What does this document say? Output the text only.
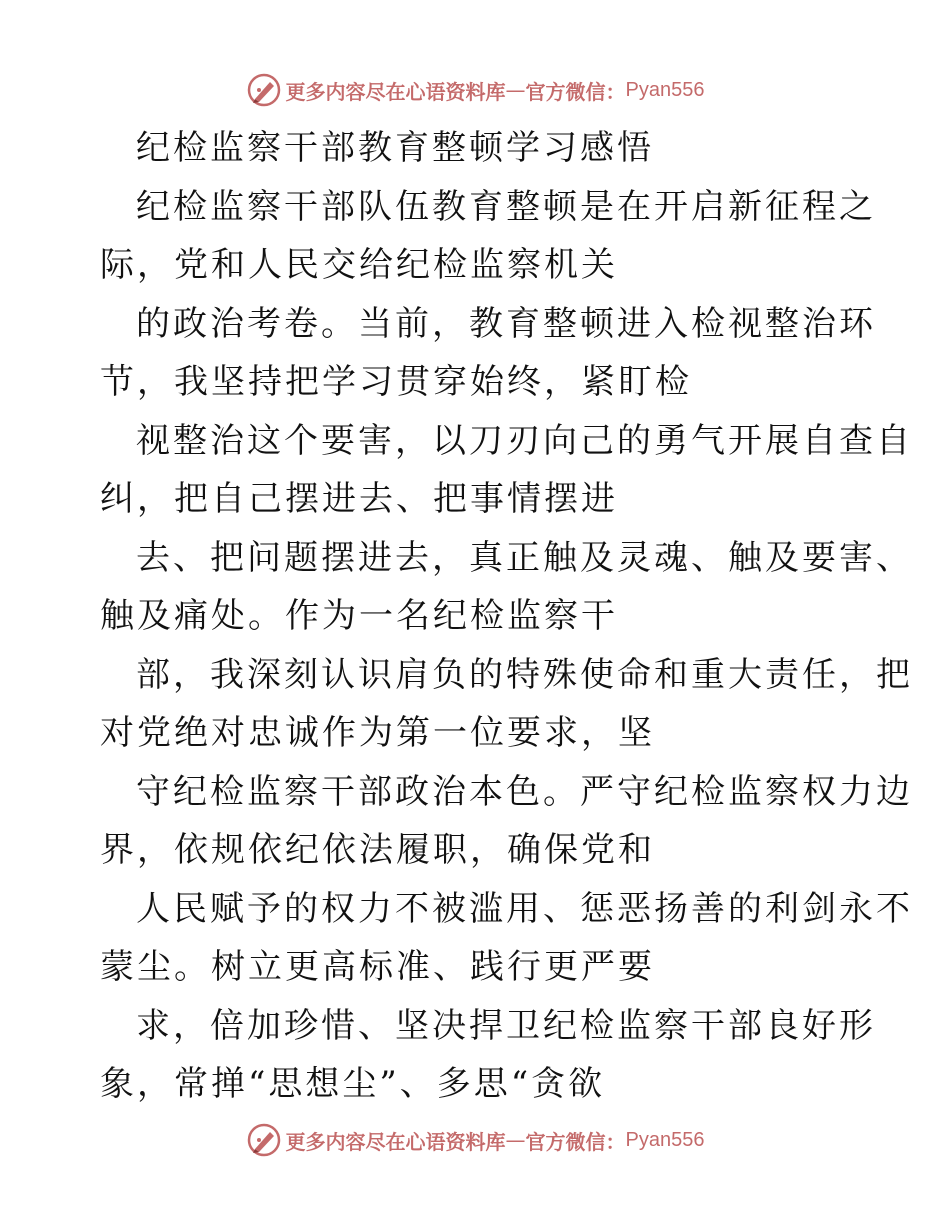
更多内容尽在心语资料库 — 官方微信： Pyan556
纪检监察干部教育整顿学习感悟
纪检监察干部队伍教育整顿是在开启新征程之
际，党和人民交给纪检监察机关
的政治考卷。当前，教育整顿进入检视整治环
节，我坚持把学习贯穿始终，紧盯检
视整治这个要害，以刀刃向己的勇气开展自查自
纠，把自己摆进去、把事情摆进
去、把问题摆进去，真正触及灵魂、触及要害、
触及痛处。作为一名纪检监察干
部，我深刻认识肩负的特殊使命和重大责任，把
对党绝对忠诚作为第一位要求，坚
守纪检监察干部政治本色。严守纪检监察权力边
界，依规依纪依法履职，确保党和
人民赋予的权力不被滥用、惩恶扬善的利剑永不
蒙尘。树立更高标准、践行更严要
求，倍加珍惜、坚决捍卫纪检监察干部良好形
象，常掸“思想尘”、多思“贪欲
更多内容尽在心语资料库 — 官方微信： Pyan556
